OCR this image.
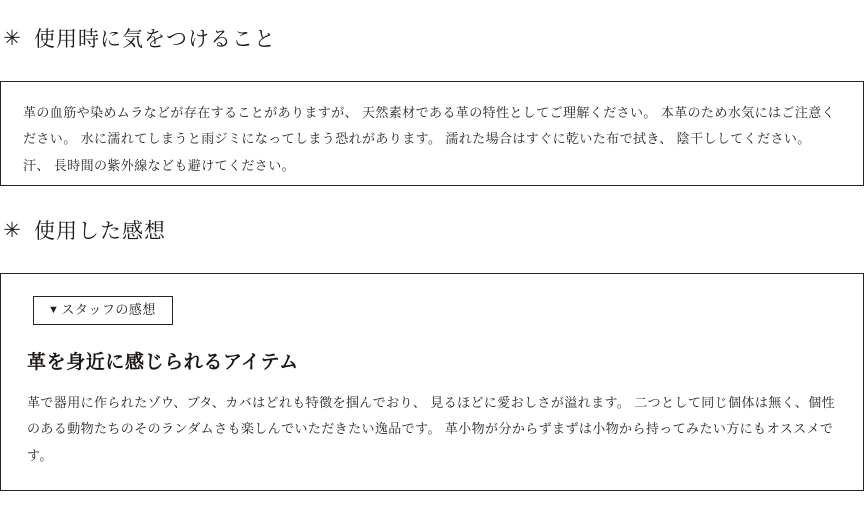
✳ 使用時に気をつけること

革の血筋や染めムラなどが存在することがありますが、 天然素材である革の特性としてご理解ください。 本革のため水気にはご注意ください。 水に濡れてしまうと雨ジミになってしまう恐れがあります。 濡れた場合はすぐに乾いた布で拭き、 陰干ししてください。 汗、 長時間の紫外線なども避けてください。

✳ 使用した感想
▼ スタッフの感想
革を身近に感じられるアイテム

革で器用に作られたゾウ、ブタ、カバはどれも特徴を掴んでおり、 見るほどに愛おしさが溢れます。 二つとして同じ個体は無く、個性のある動物たちのそのランダムさも楽しんでいただきたい逸品です。 革小物が分からずまずは小物から持ってみたい方にもオススメです。
